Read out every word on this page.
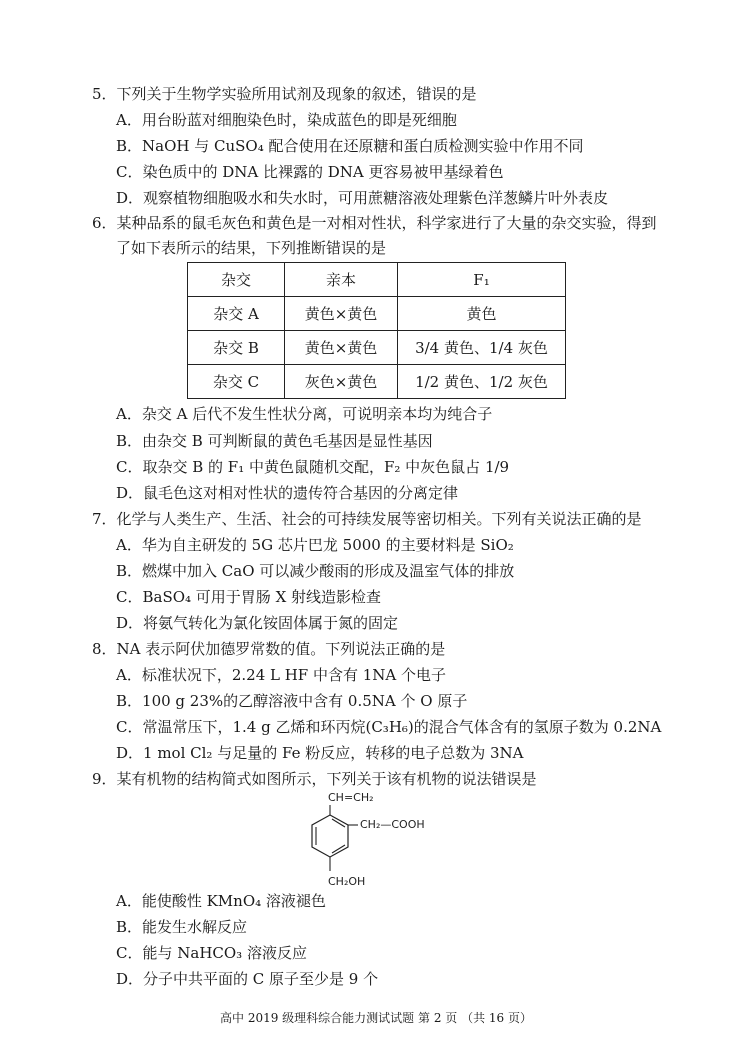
5．下列关于生物学实验所用试剂及现象的叙述，错误的是
A．用台盼蓝对细胞染色时，染成蓝色的即是死细胞
B．NaOH 与 CuSO₄ 配合使用在还原糖和蛋白质检测实验中作用不同
C．染色质中的 DNA 比裸露的 DNA 更容易被甲基绿着色
D．观察植物细胞吸水和失水时，可用蔗糖溶液处理紫色洋葱鳞片叶外表皮
6．某种品系的鼠毛灰色和黄色是一对相对性状，科学家进行了大量的杂交实验，得到
了如下表所示的结果，下列推断错误的是
杂交	亲本	F₁
杂交 A	黄色×黄色	黄色
杂交 B	黄色×黄色	3/4 黄色、1/4 灰色
杂交 C	灰色×黄色	1/2 黄色、1/2 灰色
A．杂交 A 后代不发生性状分离，可说明亲本均为纯合子
B．由杂交 B 可判断鼠的黄色毛基因是显性基因
C．取杂交 B 的 F₁ 中黄色鼠随机交配，F₂ 中灰色鼠占 1/9
D．鼠毛色这对相对性状的遗传符合基因的分离定律
7．化学与人类生产、生活、社会的可持续发展等密切相关。下列有关说法正确的是
A．华为自主研发的 5G 芯片巴龙 5000 的主要材料是 SiO₂
B．燃煤中加入 CaO 可以减少酸雨的形成及温室气体的排放
C．BaSO₄ 可用于胃肠 X 射线造影检查
D．将氨气转化为氯化铵固体属于氮的固定
8．NA 表示阿伏加德罗常数的值。下列说法正确的是
A．标准状况下，2.24 L HF 中含有 1NA 个电子
B．100 g 23%的乙醇溶液中含有 0.5NA 个 O 原子
C．常温常压下，1.4 g 乙烯和环丙烷(C₃H₆)的混合气体含有的氢原子数为 0.2NA
D．1 mol Cl₂ 与足量的 Fe 粉反应，转移的电子总数为 3NA
9．某有机物的结构简式如图所示，下列关于该有机物的说法错误是
CH=CH₂
CH₂—COOH
CH₂OH
A．能使酸性 KMnO₄ 溶液褪色
B．能发生水解反应
C．能与 NaHCO₃ 溶液反应
D．分子中共平面的 C 原子至少是 9 个
高中 2019 级理科综合能力测试试题 第 2 页 （共 16 页）
